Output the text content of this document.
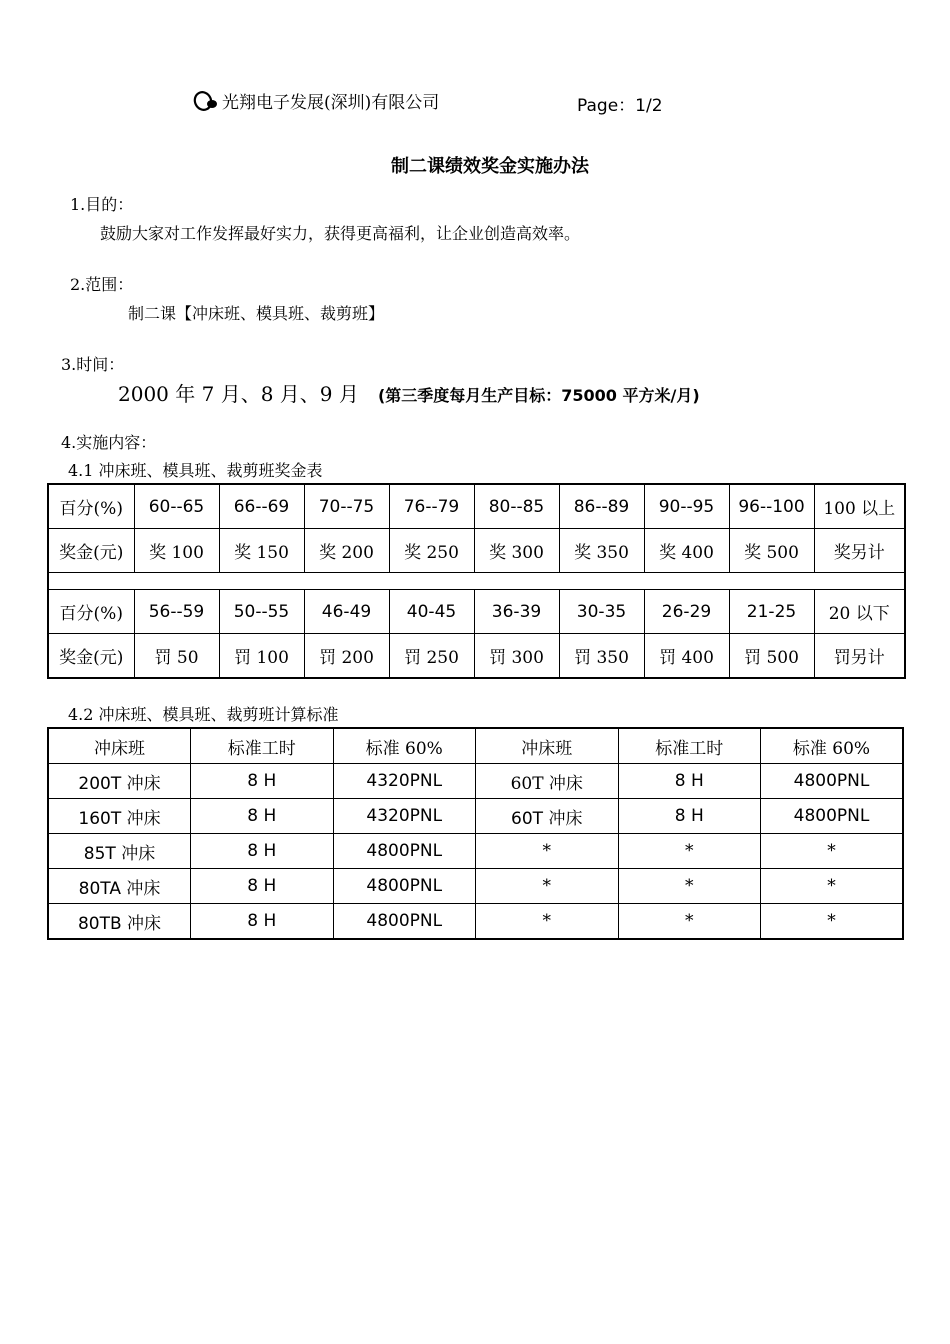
光翔电子发展(深圳)有限公司	Page：1/2
制二课绩效奖金实施办法
1.目的：
鼓励大家对工作发挥最好实力，获得更高福利，让企业创造高效率。
2.范围：
制二课【冲床班、模具班、裁剪班】
3.时间：
2000 年 7 月、8 月、9 月 (第三季度每月生产目标：75000 平方米/月)
4.实施内容：
4.1 冲床班、模具班、裁剪班奖金表
百分(%)	60--65	66--69	70--75	76--79	80--85	86--89	90--95	96--100	100 以上
奖金(元)	奖 100	奖 150	奖 200	奖 250	奖 300	奖 350	奖 400	奖 500	奖另计

百分(%)	56--59	50--55	46-49	40-45	36-39	30-35	26-29	21-25	20 以下
奖金(元)	罚 50	罚 100	罚 200	罚 250	罚 300	罚 350	罚 400	罚 500	罚另计
4.2 冲床班、模具班、裁剪班计算标准
冲床班	标准工时	标准 60%	冲床班	标准工时	标准 60%
200T 冲床	8 H	4320PNL	60T 冲床	8 H	4800PNL
160T 冲床	8 H	4320PNL	60T 冲床	8 H	4800PNL
85T 冲床	8 H	4800PNL	*	*	*
80TA 冲床	8 H	4800PNL	*	*	*
80TB 冲床	8 H	4800PNL	*	*	*
